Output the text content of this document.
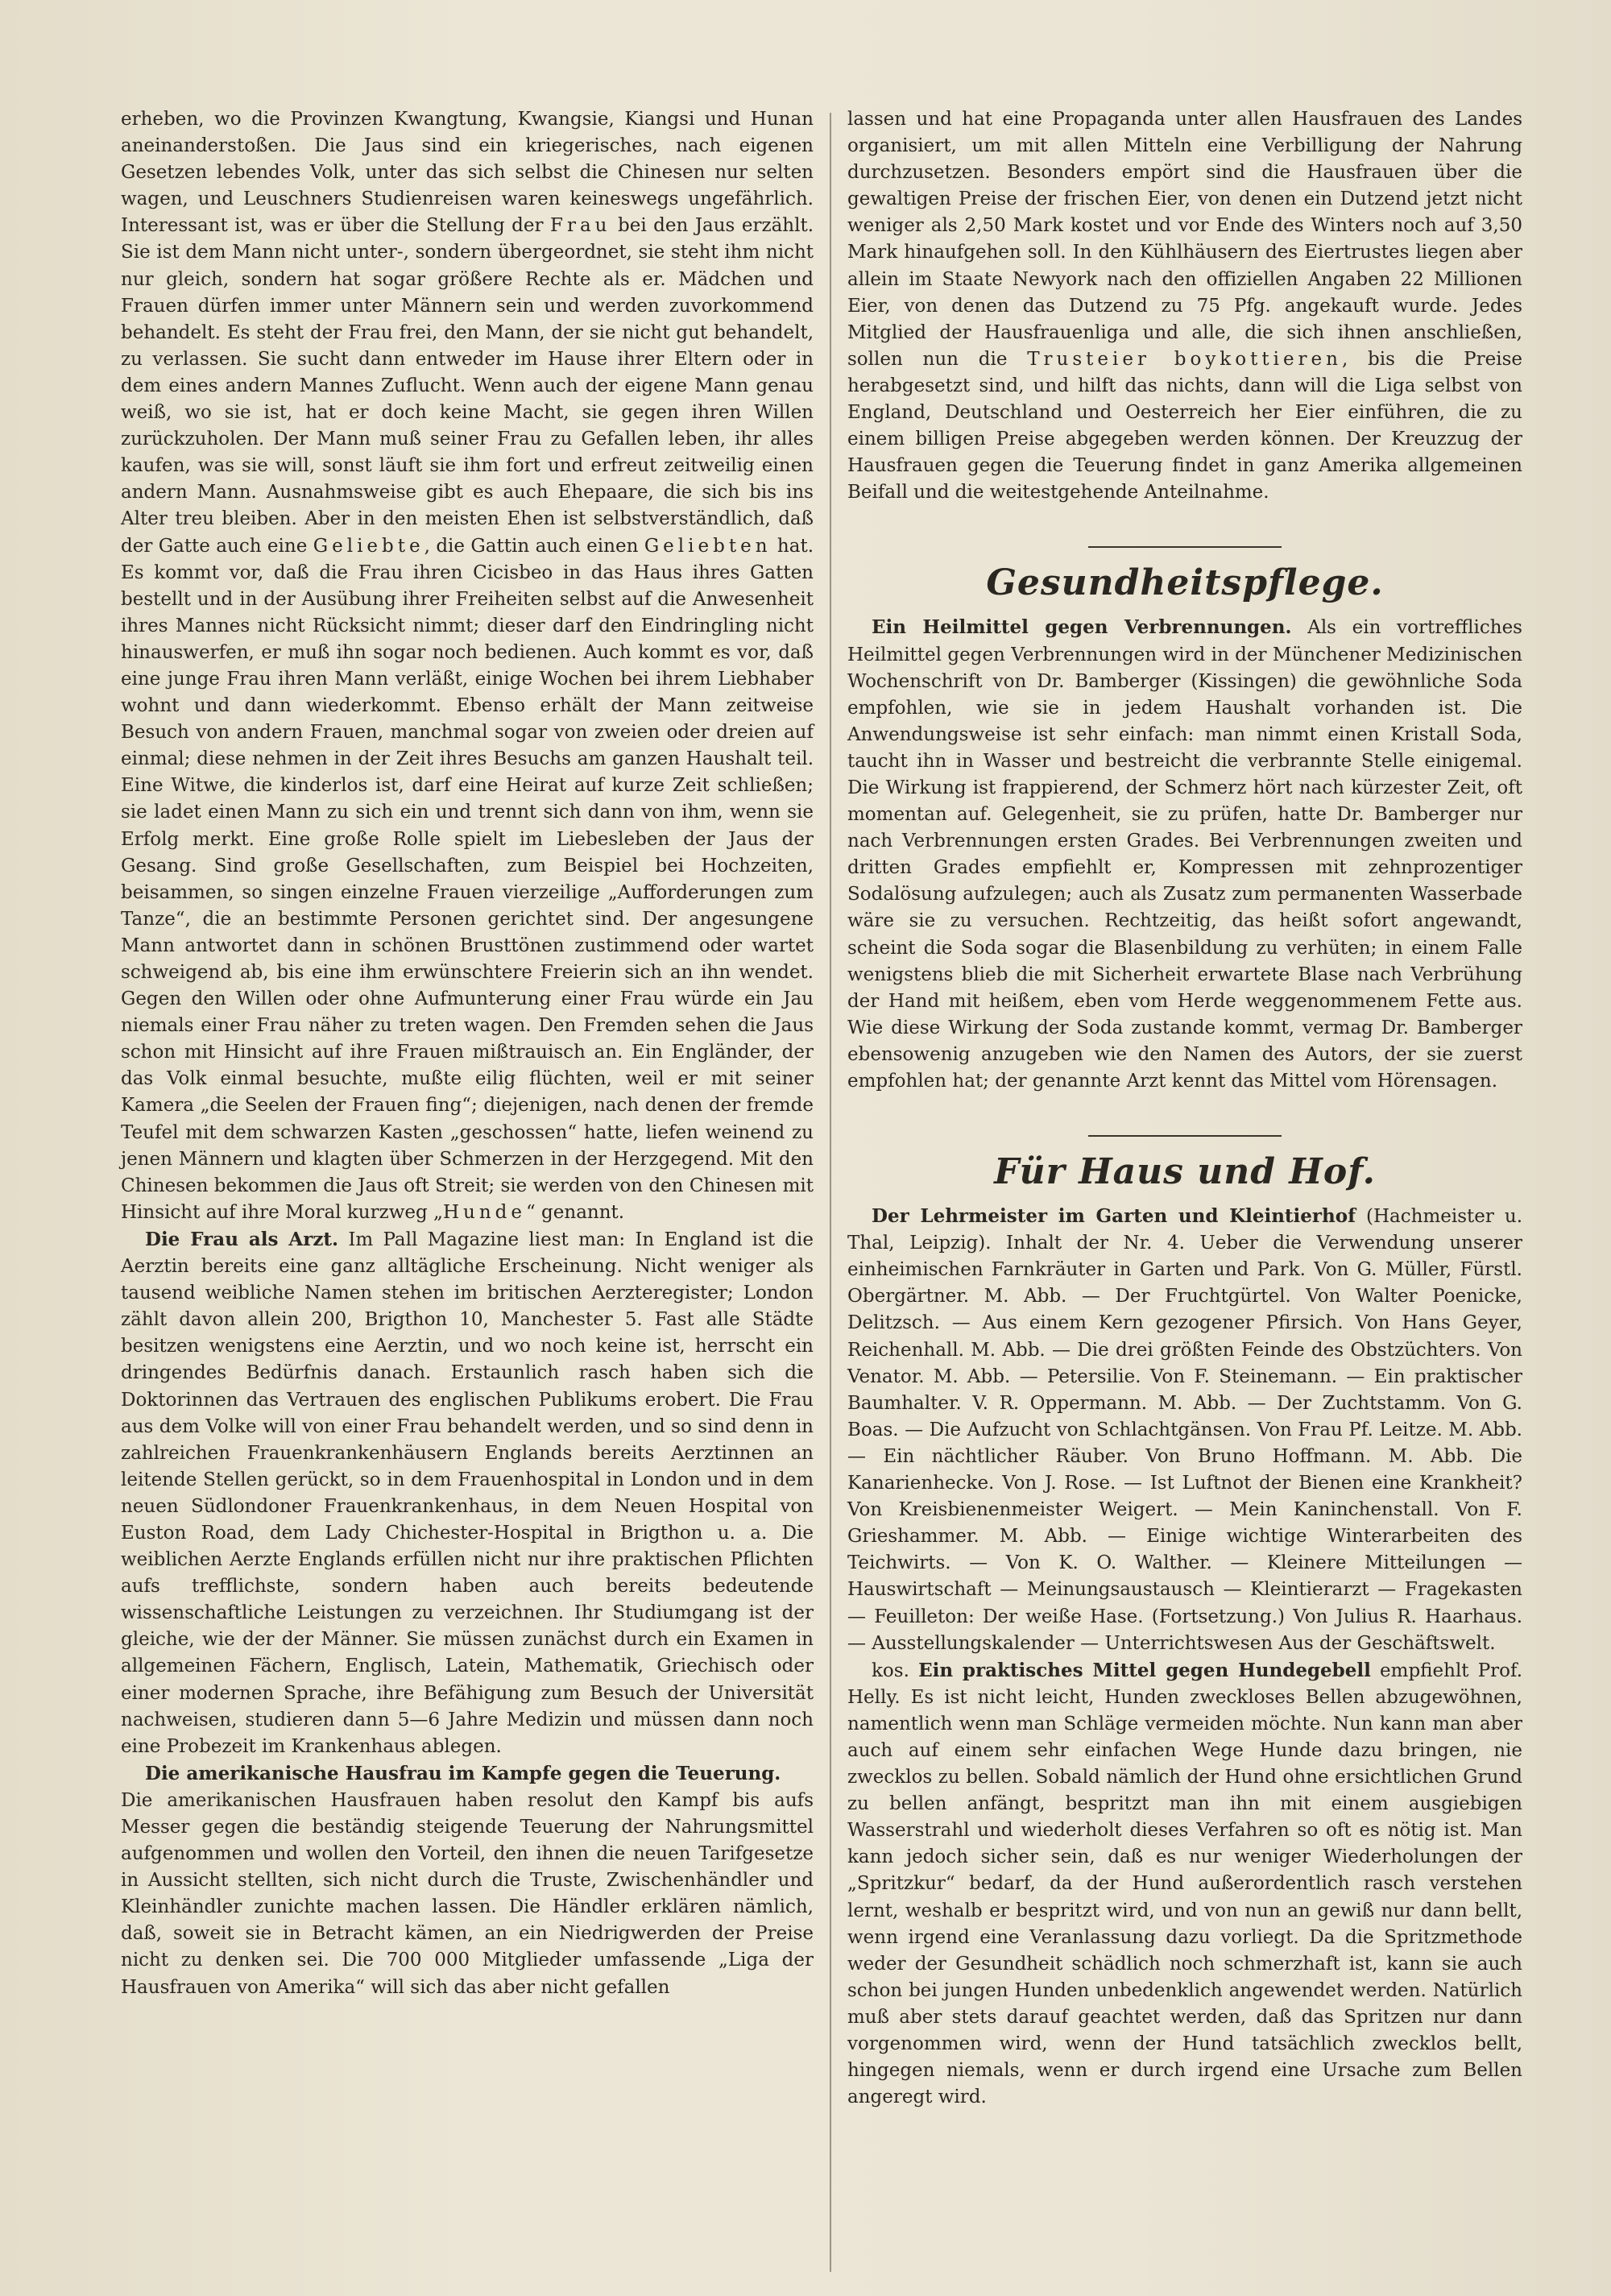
erheben, wo die Provinzen Kwangtung, Kwangsie, Kiangsi und Hunan aneinanderstoßen. Die Jaus sind ein kriegerisches, nach eigenen Gesetzen lebendes Volk, unter das sich selbst die Chinesen nur selten wagen, und Leuschners Studienreisen waren keineswegs ungefährlich. Interessant ist, was er über die Stellung der Frau bei den Jaus erzählt. Sie ist dem Mann nicht unter-, sondern übergeordnet, sie steht ihm nicht nur gleich, sondern hat sogar größere Rechte als er. Mädchen und Frauen dürfen immer unter Männern sein und werden zuvorkommend behandelt. Es steht der Frau frei, den Mann, der sie nicht gut behandelt, zu verlassen. Sie sucht dann entweder im Hause ihrer Eltern oder in dem eines andern Mannes Zuflucht. Wenn auch der eigene Mann genau weiß, wo sie ist, hat er doch keine Macht, sie gegen ihren Willen zurückzuholen. Der Mann muß seiner Frau zu Gefallen leben, ihr alles kaufen, was sie will, sonst läuft sie ihm fort und erfreut zeitweilig einen andern Mann. Ausnahmsweise gibt es auch Ehepaare, die sich bis ins Alter treu bleiben. Aber in den meisten Ehen ist selbstverständlich, daß der Gatte auch eine Geliebte, die Gattin auch einen Geliebten hat. Es kommt vor, daß die Frau ihren Cicisbeo in das Haus ihres Gatten bestellt und in der Ausübung ihrer Freiheiten selbst auf die Anwesenheit ihres Mannes nicht Rücksicht nimmt; dieser darf den Eindringling nicht hinauswerfen, er muß ihn sogar noch bedienen. Auch kommt es vor, daß eine junge Frau ihren Mann verläßt, einige Wochen bei ihrem Liebhaber wohnt und dann wiederkommt. Ebenso erhält der Mann zeitweise Besuch von andern Frauen, manchmal sogar von zweien oder dreien auf einmal; diese nehmen in der Zeit ihres Besuchs am ganzen Haushalt teil. Eine Witwe, die kinderlos ist, darf eine Heirat auf kurze Zeit schließen; sie ladet einen Mann zu sich ein und trennt sich dann von ihm, wenn sie Erfolg merkt. Eine große Rolle spielt im Liebesleben der Jaus der Gesang. Sind große Gesellschaften, zum Beispiel bei Hochzeiten, beisammen, so singen einzelne Frauen vierzeilige „Aufforderungen zum Tanze“, die an bestimmte Personen gerichtet sind. Der angesungene Mann antwortet dann in schönen Brusttönen zustimmend oder wartet schweigend ab, bis eine ihm erwünschtere Freierin sich an ihn wendet. Gegen den Willen oder ohne Aufmunterung einer Frau würde ein Jau niemals einer Frau näher zu treten wagen. Den Fremden sehen die Jaus schon mit Hinsicht auf ihre Frauen mißtrauisch an. Ein Engländer, der das Volk einmal besuchte, mußte eilig flüchten, weil er mit seiner Kamera „die Seelen der Frauen fing“; diejenigen, nach denen der fremde Teufel mit dem schwarzen Kasten „geschossen“ hatte, liefen weinend zu jenen Männern und klagten über Schmerzen in der Herzgegend. Mit den Chinesen bekommen die Jaus oft Streit; sie werden von den Chinesen mit Hinsicht auf ihre Moral kurzweg „Hunde“ genannt.

Die Frau als Arzt. Im Pall Magazine liest man: In England ist die Aerztin bereits eine ganz alltägliche Erscheinung. Nicht weniger als tausend weibliche Namen stehen im britischen Aerzteregister; London zählt davon allein 200, Brigthon 10, Manchester 5. Fast alle Städte besitzen wenigstens eine Aerztin, und wo noch keine ist, herrscht ein dringendes Bedürfnis danach. Erstaunlich rasch haben sich die Doktorinnen das Vertrauen des englischen Publikums erobert. Die Frau aus dem Volke will von einer Frau behandelt werden, und so sind denn in zahlreichen Frauenkrankenhäusern Englands bereits Aerztinnen an leitende Stellen gerückt, so in dem Frauenhospital in London und in dem neuen Südlondoner Frauenkrankenhaus, in dem Neuen Hospital von Euston Road, dem Lady Chichester-Hospital in Brigthon u. a. Die weiblichen Aerzte Englands erfüllen nicht nur ihre praktischen Pflichten aufs trefflichste, sondern haben auch bereits bedeutende wissenschaftliche Leistungen zu verzeichnen. Ihr Studiumgang ist der gleiche, wie der der Männer. Sie müssen zunächst durch ein Examen in allgemeinen Fächern, Englisch, Latein, Mathematik, Griechisch oder einer modernen Sprache, ihre Befähigung zum Besuch der Universität nachweisen, studieren dann 5—6 Jahre Medizin und müssen dann noch eine Probezeit im Krankenhaus ablegen.

Die amerikanische Hausfrau im Kampfe gegen die Teuerung.

Die amerikanischen Hausfrauen haben resolut den Kampf bis aufs Messer gegen die beständig steigende Teuerung der Nahrungsmittel aufgenommen und wollen den Vorteil, den ihnen die neuen Tarifgesetze in Aussicht stellten, sich nicht durch die Truste, Zwischenhändler und Kleinhändler zunichte machen lassen. Die Händler erklären nämlich, daß, soweit sie in Betracht kämen, an ein Niedrigwerden der Preise nicht zu denken sei. Die 700 000 Mitglieder umfassende „Liga der Hausfrauen von Amerika“ will sich das aber nicht gefallen

lassen und hat eine Propaganda unter allen Hausfrauen des Landes organisiert, um mit allen Mitteln eine Verbilligung der Nahrung durchzusetzen. Besonders empört sind die Hausfrauen über die gewaltigen Preise der frischen Eier, von denen ein Dutzend jetzt nicht weniger als 2,50 Mark kostet und vor Ende des Winters noch auf 3,50 Mark hinaufgehen soll. In den Kühlhäusern des Eiertrustes liegen aber allein im Staate Newyork nach den offiziellen Angaben 22 Millionen Eier, von denen das Dutzend zu 75 Pfg. angekauft wurde. Jedes Mitglied der Hausfrauenliga und alle, die sich ihnen anschließen, sollen nun die Trusteier boykottieren, bis die Preise herabgesetzt sind, und hilft das nichts, dann will die Liga selbst von England, Deutschland und Oesterreich her Eier einführen, die zu einem billigen Preise abgegeben werden können. Der Kreuzzug der Hausfrauen gegen die Teuerung findet in ganz Amerika allgemeinen Beifall und die weitestgehende Anteilnahme.

Gesundheitspflege.

Ein Heilmittel gegen Verbrennungen. Als ein vortreffliches Heilmittel gegen Verbrennungen wird in der Münchener Medizinischen Wochenschrift von Dr. Bamberger (Kissingen) die gewöhnliche Soda empfohlen, wie sie in jedem Haushalt vorhanden ist. Die Anwendungsweise ist sehr einfach: man nimmt einen Kristall Soda, taucht ihn in Wasser und bestreicht die verbrannte Stelle einigemal. Die Wirkung ist frappierend, der Schmerz hört nach kürzester Zeit, oft momentan auf. Gelegenheit, sie zu prüfen, hatte Dr. Bamberger nur nach Verbrennungen ersten Grades. Bei Verbrennungen zweiten und dritten Grades empfiehlt er, Kompressen mit zehnprozentiger Sodalösung aufzulegen; auch als Zusatz zum permanenten Wasserbade wäre sie zu versuchen. Rechtzeitig, das heißt sofort angewandt, scheint die Soda sogar die Blasenbildung zu verhüten; in einem Falle wenigstens blieb die mit Sicherheit erwartete Blase nach Verbrühung der Hand mit heißem, eben vom Herde weggenommenem Fette aus. Wie diese Wirkung der Soda zustande kommt, vermag Dr. Bamberger ebensowenig anzugeben wie den Namen des Autors, der sie zuerst empfohlen hat; der genannte Arzt kennt das Mittel vom Hörensagen.

Für Haus und Hof.

Der Lehrmeister im Garten und Kleintierhof (Hachmeister u. Thal, Leipzig). Inhalt der Nr. 4. Ueber die Verwendung unserer einheimischen Farnkräuter in Garten und Park. Von G. Müller, Fürstl. Obergärtner. M. Abb. — Der Fruchtgürtel. Von Walter Poenicke, Delitzsch. — Aus einem Kern gezogener Pfirsich. Von Hans Geyer, Reichenhall. M. Abb. — Die drei größten Feinde des Obstzüchters. Von Venator. M. Abb. — Petersilie. Von F. Steinemann. — Ein praktischer Baumhalter. V. R. Oppermann. M. Abb. — Der Zuchtstamm. Von G. Boas. — Die Aufzucht von Schlachtgänsen. Von Frau Pf. Leitze. M. Abb. — Ein nächtlicher Räuber. Von Bruno Hoffmann. M. Abb. Die Kanarienhecke. Von J. Rose. — Ist Luftnot der Bienen eine Krankheit? Von Kreisbienenmeister Weigert. — Mein Kaninchenstall. Von F. Grieshammer. M. Abb. — Einige wichtige Winterarbeiten des Teichwirts. — Von K. O. Walther. — Kleinere Mitteilungen — Hauswirtschaft — Meinungsaustausch — Kleintierarzt — Fragekasten — Feuilleton: Der weiße Hase. (Fortsetzung.) Von Julius R. Haarhaus. — Ausstellungskalender — Unterrichtswesen Aus der Geschäftswelt.

kos. Ein praktisches Mittel gegen Hundegebell empfiehlt Prof. Helly. Es ist nicht leicht, Hunden zweckloses Bellen abzugewöhnen, namentlich wenn man Schläge vermeiden möchte. Nun kann man aber auch auf einem sehr einfachen Wege Hunde dazu bringen, nie zwecklos zu bellen. Sobald nämlich der Hund ohne ersichtlichen Grund zu bellen anfängt, bespritzt man ihn mit einem ausgiebigen Wasserstrahl und wiederholt dieses Verfahren so oft es nötig ist. Man kann jedoch sicher sein, daß es nur weniger Wiederholungen der „Spritzkur“ bedarf, da der Hund außerordentlich rasch verstehen lernt, weshalb er bespritzt wird, und von nun an gewiß nur dann bellt, wenn irgend eine Veranlassung dazu vorliegt. Da die Spritzmethode weder der Gesundheit schädlich noch schmerzhaft ist, kann sie auch schon bei jungen Hunden unbedenklich angewendet werden. Natürlich muß aber stets darauf geachtet werden, daß das Spritzen nur dann vorgenommen wird, wenn der Hund tatsächlich zwecklos bellt, hingegen niemals, wenn er durch irgend eine Ursache zum Bellen angeregt wird.
